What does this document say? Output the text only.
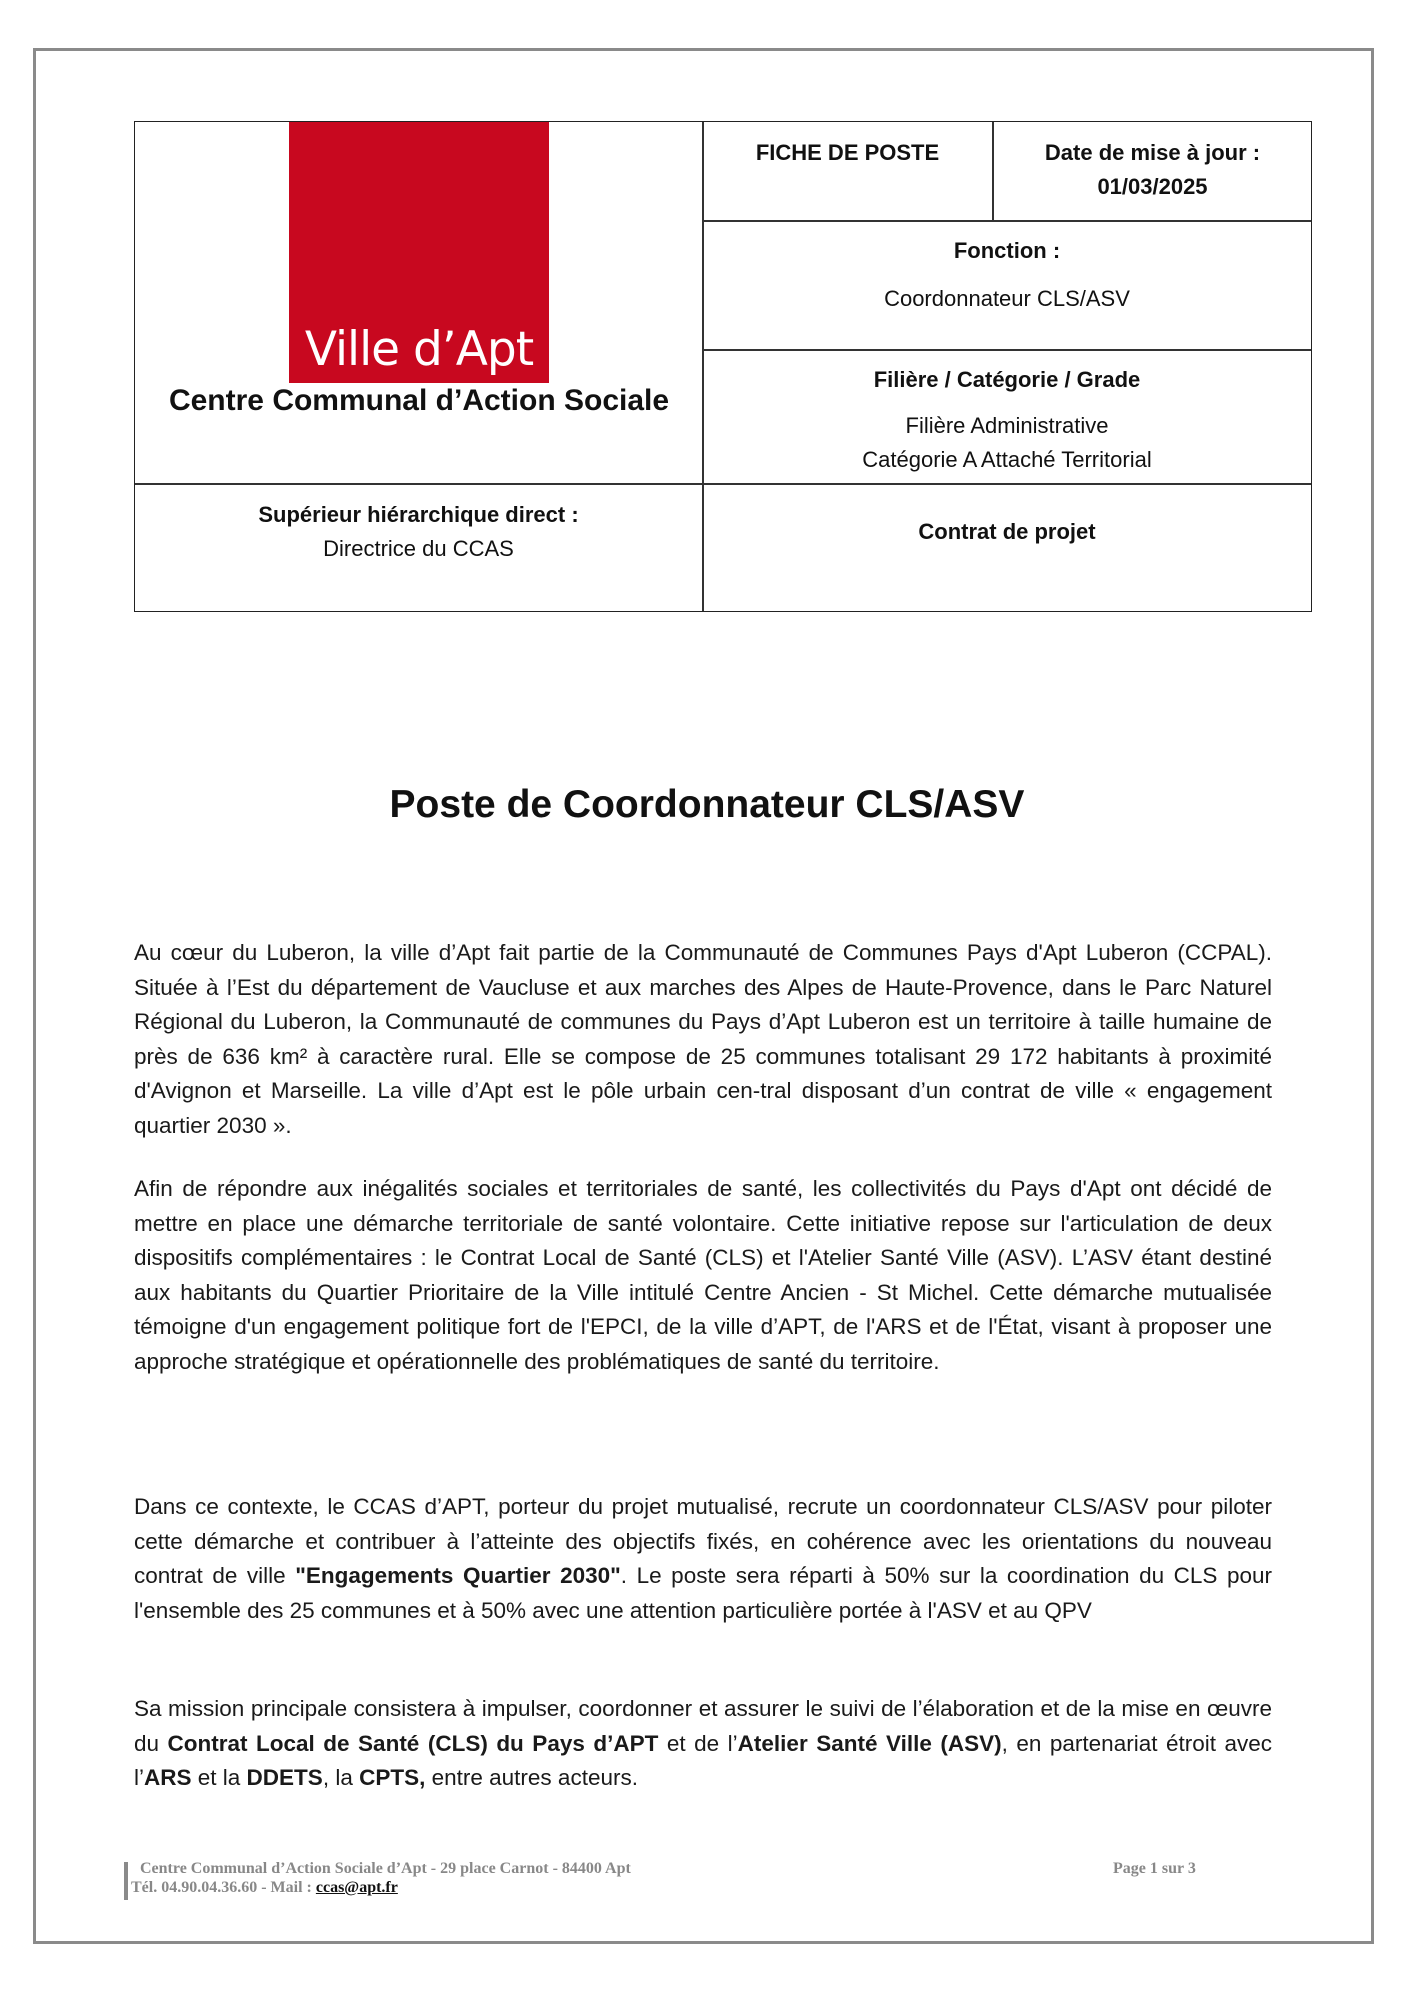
Ville d’Apt
Centre Communal d’Action Sociale
FICHE DE POSTE	Date de mise à jour :
01/03/2025
Fonction :
Coordonnateur CLS/ASV
Filière / Catégorie / Grade
Filière Administrative
Catégorie A Attaché Territorial
Supérieur hiérarchique direct :
Directrice du CCAS
Contrat de projet
Poste de Coordonnateur CLS/ASV

Au cœur du Luberon, la ville d’Apt fait partie de la Communauté de Communes Pays d'Apt Luberon (CCPAL). Située à l’Est du département de Vaucluse et aux marches des Alpes de Haute-Provence, dans le Parc Naturel Régional du Luberon, la Communauté de communes du Pays d’Apt Luberon est un territoire à taille humaine de près de 636 km² à caractère rural. Elle se compose de 25 communes totalisant 29 172 habitants à proximité d'Avignon et Marseille. La ville d’Apt est le pôle urbain cen-tral disposant d’un contrat de ville « engagement quartier 2030 ».

Afin de répondre aux inégalités sociales et territoriales de santé, les collectivités du Pays d'Apt ont décidé de mettre en place une démarche territoriale de santé volontaire. Cette initiative repose sur l'articulation de deux dispositifs complémentaires : le Contrat Local de Santé (CLS) et l'Atelier Santé Ville (ASV). L’ASV étant destiné aux habitants du Quartier Prioritaire de la Ville intitulé Centre Ancien - St Michel. Cette démarche mutualisée témoigne d'un engagement politique fort de l'EPCI, de la ville d’APT, de l'ARS et de l'État, visant à proposer une approche stratégique et opérationnelle des problématiques de santé du territoire.

Dans ce contexte, le CCAS d’APT, porteur du projet mutualisé, recrute un coordonnateur CLS/ASV pour piloter cette démarche et contribuer à l’atteinte des objectifs fixés, en cohérence avec les orientations du nouveau contrat de ville "Engagements Quartier 2030". Le poste sera réparti à 50% sur la coordination du CLS pour l'ensemble des 25 communes et à 50% avec une attention particulière portée à l'ASV et au QPV

Sa mission principale consistera à impulser, coordonner et assurer le suivi de l’élaboration et de la mise en œuvre du Contrat Local de Santé (CLS) du Pays d’APT et de l’Atelier Santé Ville (ASV), en partenariat étroit avec l’ARS et la DDETS, la CPTS, entre autres acteurs.

Centre Communal d’Action Sociale d’Apt - 29 place Carnot - 84400 Apt
Tél. 04.90.04.36.60 - Mail : ccas@apt.fr
Page 1 sur 3
